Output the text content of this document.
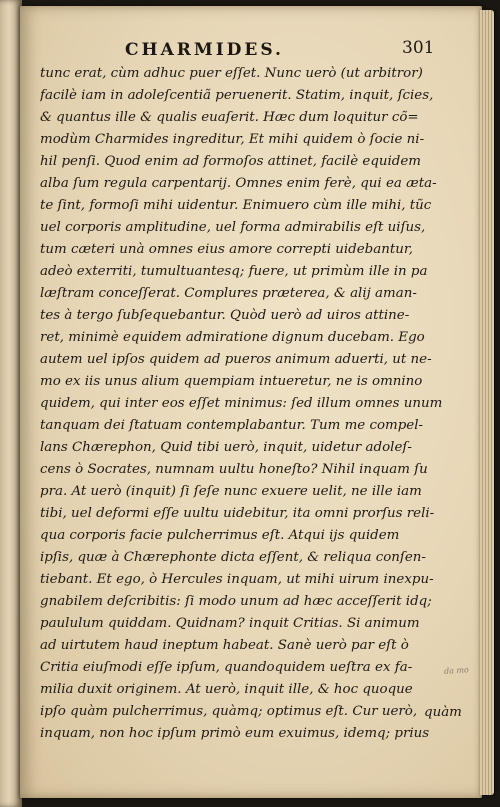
CHARMIDES.	301
tunc erat, cùm adhuc puer eſſet. Nunc uerò (ut arbitror)
facilè iam in adoleſcentiã peruenerit. Statim, inquit, ſcies,
& quantus ille & qualis euaſerit. Hæc dum loquitur cõ=
modùm Charmides ingreditur, Et mihi quidem ò ſocie ni-
hil penſi. Quod enim ad formoſos attinet, facilè equidem
alba ſum regula carpentarij. Omnes enim ferè, qui ea æta-
te ſint, formoſi mihi uidentur. Enimuero cùm ille mihi, tũc
uel corporis amplitudine, uel forma admirabilis eſt uiſus,
tum cæteri unà omnes eius amore correpti uidebantur,
adeò exterriti, tumultuantesq; fuere, ut primùm ille in pa
læſtram conceſſerat. Complures præterea, & alij aman-
tes à tergo ſubſequebantur. Quòd uerò ad uiros attine-
ret, minimè equidem admiratione dignum ducebam. Ego
autem uel ipſos quidem ad pueros animum aduerti, ut ne-
mo ex iis unus alium quempiam intueretur, ne is omnino
quidem, qui inter eos eſſet minimus: ſed illum omnes unum
tanquam dei ſtatuam contemplabantur. Tum me compel-
lans Chærephon, Quid tibi uerò, inquit, uidetur adoleſ-
cens ò Socrates, numnam uultu honeſto? Nihil inquam ſu
pra. At uerò (inquit) ſi ſeſe nunc exuere uelit, ne ille iam
tibi, uel deformi eſſe uultu uidebitur, ita omni prorſus reli-
qua corporis facie pulcherrimus eſt. Atqui ijs quidem
ipſis, quæ à Chærephonte dicta eſſent, & reliqua conſen-
tiebant. Et ego, ò Hercules inquam, ut mihi uirum inexpu-
gnabilem deſcribitis: ſi modo unum ad hæc acceſſerit idq;
paululum quiddam. Quidnam? inquit Critias. Si animum
ad uirtutem haud ineptum habeat. Sanè uerò par eſt ò
Critia eiuſmodi eſſe ipſum, quandoquidem ueſtra ex fa-
milia duxit originem. At uerò, inquit ille, & hoc quoque
ipſo quàm pulcherrimus, quàmq; optimus eſt. Cur uerò,
inquam, non hoc ipſum primò eum exuimus, idemq; prius
da mo
quàm
